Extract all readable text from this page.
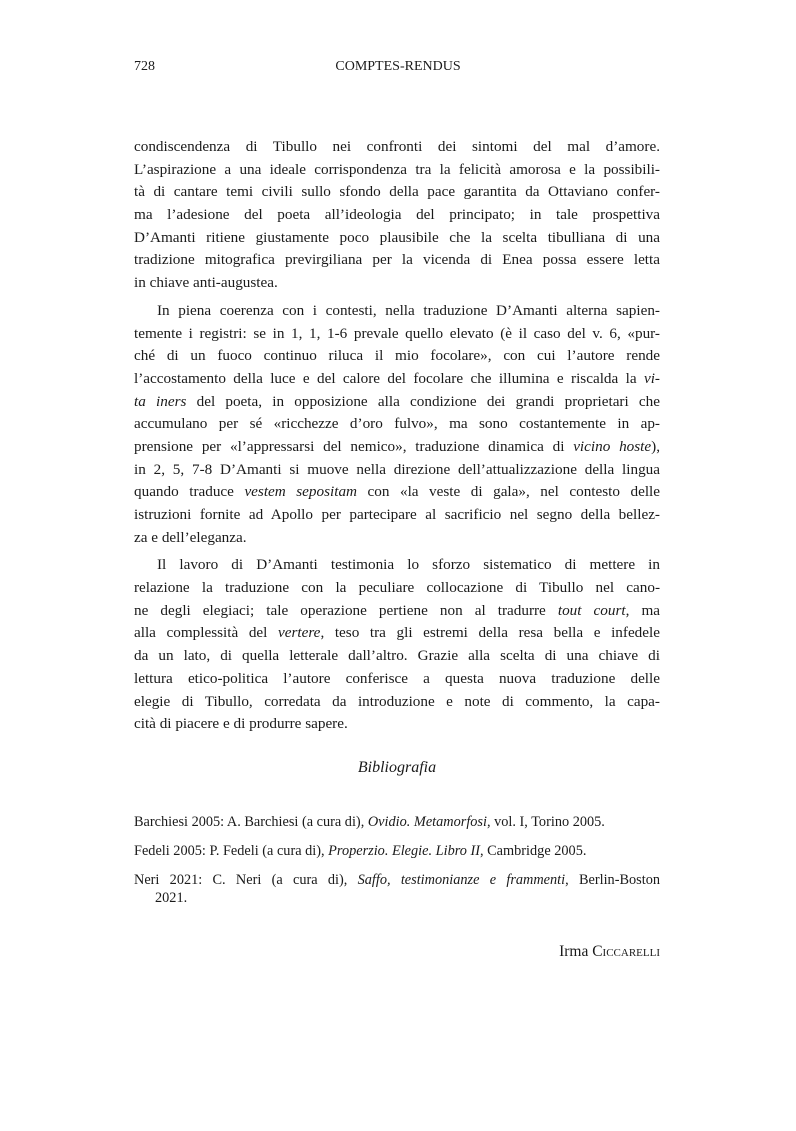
728	COMPTES-RENDUS
condiscendenza di Tibullo nei confronti dei sintomi del mal d’amore.
L’aspirazione a una ideale corrispondenza tra la felicità amorosa e la possibili-
tà di cantare temi civili sullo sfondo della pace garantita da Ottaviano confer-
ma l’adesione del poeta all’ideologia del principato; in tale prospettiva
D’Amanti ritiene giustamente poco plausibile che la scelta tibulliana di una
tradizione mitografica previrgiliana per la vicenda di Enea possa essere letta
in chiave anti-augustea.
In piena coerenza con i contesti, nella traduzione D’Amanti alterna sapien-
temente i registri: se in 1, 1, 1-6 prevale quello elevato (è il caso del v. 6, «pur-
ché di un fuoco continuo riluca il mio focolare», con cui l’autore rende
l’accostamento della luce e del calore del focolare che illumina e riscalda la vi-
ta iners del poeta, in opposizione alla condizione dei grandi proprietari che
accumulano per sé «ricchezze d’oro fulvo», ma sono costantemente in ap-
prensione per «l’appressarsi del nemico», traduzione dinamica di vicino hoste),
in 2, 5, 7-8 D’Amanti si muove nella direzione dell’attualizzazione della lingua
quando traduce vestem sepositam con «la veste di gala», nel contesto delle
istruzioni fornite ad Apollo per partecipare al sacrificio nel segno della bellez-
za e dell’eleganza.
Il lavoro di D’Amanti testimonia lo sforzo sistematico di mettere in
relazione la traduzione con la peculiare collocazione di Tibullo nel cano-
ne degli elegiaci; tale operazione pertiene non al tradurre tout court, ma
alla complessità del vertere, teso tra gli estremi della resa bella e infedele
da un lato, di quella letterale dall’altro. Grazie alla scelta di una chiave di
lettura etico-politica l’autore conferisce a questa nuova traduzione delle
elegie di Tibullo, corredata da introduzione e note di commento, la capa-
cità di piacere e di produrre sapere.
Bibliografia
Barchiesi 2005: A. Barchiesi (a cura di), Ovidio. Metamorfosi, vol. I, Torino 2005.
Fedeli 2005: P. Fedeli (a cura di), Properzio. Elegie. Libro II, Cambridge 2005.
Neri 2021: C. Neri (a cura di), Saffo, testimonianze e frammenti, Berlin-Boston
2021.
Irma Ciccarelli
